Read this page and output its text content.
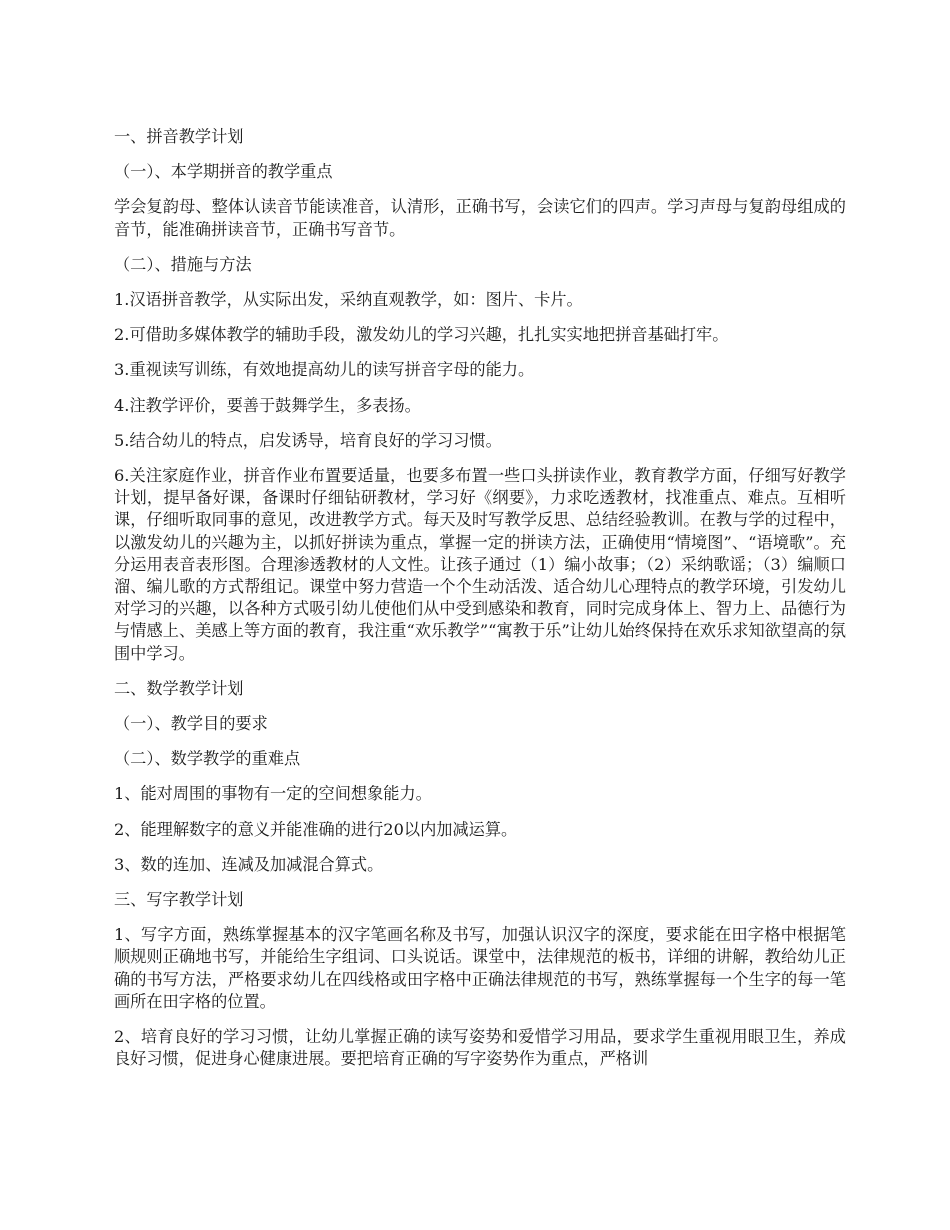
一、拼音教学计划

（一）、本学期拼音的教学重点

学会复韵母、整体认读音节能读准音，认清形，正确书写，会读它们的四声。学习声母与复韵母组成的音节，能准确拼读音节，正确书写音节。

（二）、措施与方法

1.汉语拼音教学，从实际出发，采纳直观教学，如：图片、卡片。

2.可借助多媒体教学的辅助手段，激发幼儿的学习兴趣，扎扎实实地把拼音基础打牢。

3.重视读写训练，有效地提高幼儿的读写拼音字母的能力。

4.注教学评价，要善于鼓舞学生，多表扬。

5.结合幼儿的特点，启发诱导，培育良好的学习习惯。

6.关注家庭作业，拼音作业布置要适量，也要多布置一些口头拼读作业，教育教学方面，仔细写好教学计划，提早备好课，备课时仔细钻研教材，学习好《纲要》，力求吃透教材，找准重点、难点。互相听课，仔细听取同事的意见，改进教学方式。每天及时写教学反思、总结经验教训。在教与学的过程中，以激发幼儿的兴趣为主，以抓好拼读为重点，掌握一定的拼读方法，正确使用“情境图”、“语境歌”。充分运用表音表形图。合理渗透教材的人文性。让孩子通过（1）编小故事；（2）采纳歌谣；（3）编顺口溜、编儿歌的方式帮组记。课堂中努力营造一个个生动活泼、适合幼儿心理特点的教学环境，引发幼儿对学习的兴趣，以各种方式吸引幼儿使他们从中受到感染和教育，同时完成身体上、智力上、品德行为与情感上、美感上等方面的教育，我注重“欢乐教学”“寓教于乐”让幼儿始终保持在欢乐求知欲望高的氛围中学习。

二、数学教学计划

（一）、教学目的要求

（二）、数学教学的重难点

1、能对周围的事物有一定的空间想象能力。

2、能理解数字的意义并能准确的进行20以内加减运算。

3、数的连加、连减及加减混合算式。

三、写字教学计划

1、写字方面，熟练掌握基本的汉字笔画名称及书写，加强认识汉字的深度，要求能在田字格中根据笔顺规则正确地书写，并能给生字组词、口头说话。课堂中，法律规范的板书，详细的讲解，教给幼儿正确的书写方法，严格要求幼儿在四线格或田字格中正确法律规范的书写，熟练掌握每一个生字的每一笔画所在田字格的位置。

2、培育良好的学习习惯，让幼儿掌握正确的读写姿势和爱惜学习用品，要求学生重视用眼卫生，养成良好习惯，促进身心健康进展。要把培育正确的写字姿势作为重点，严格训
